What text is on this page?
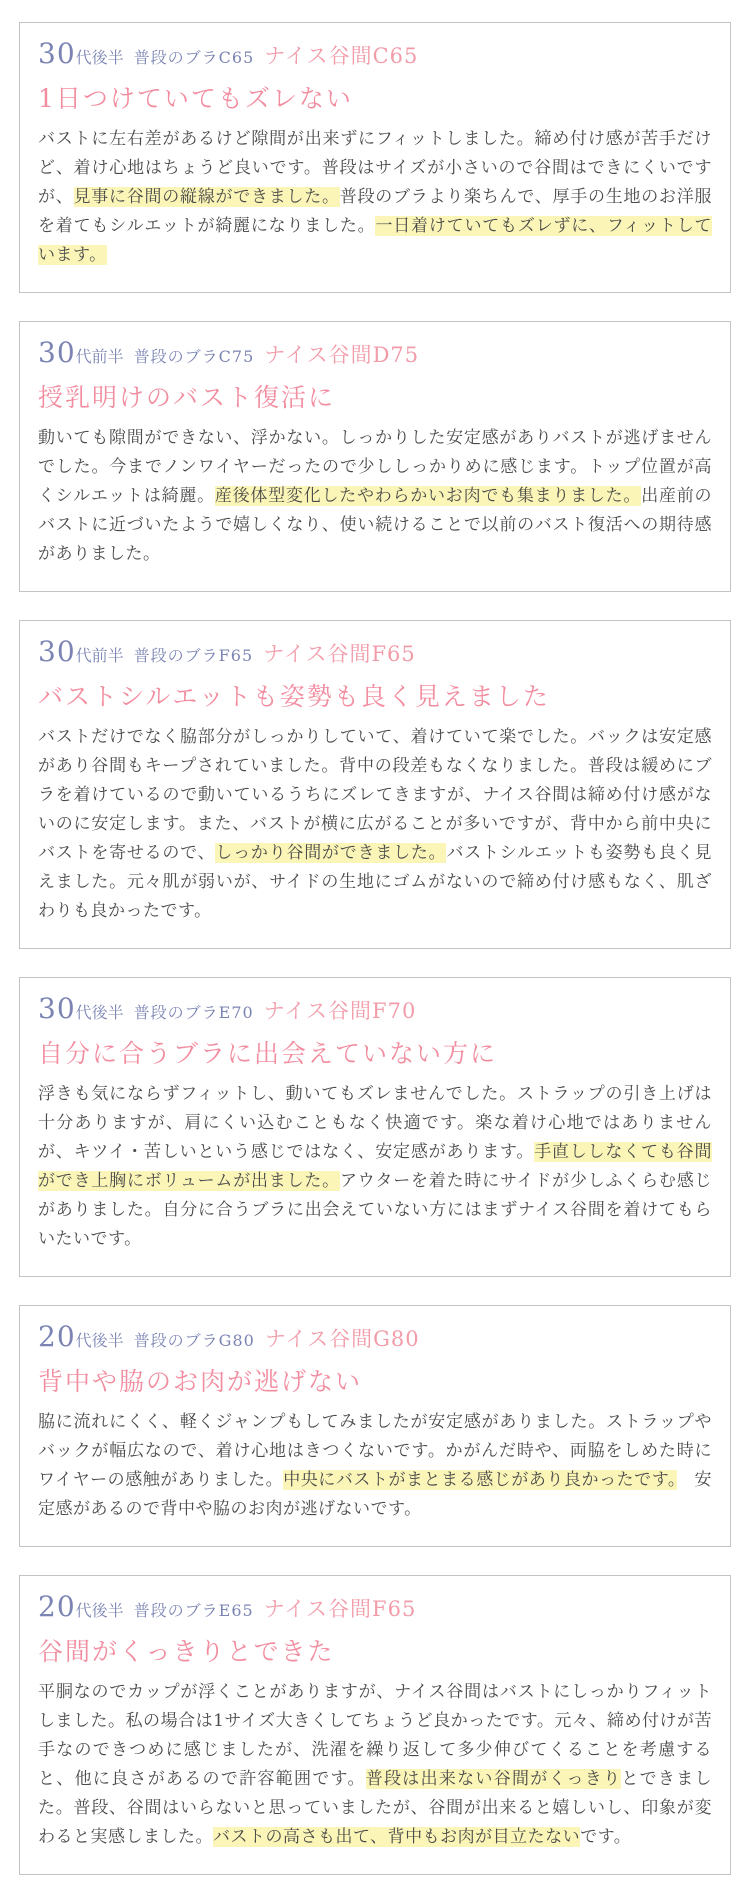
30 代後半 普段のブラC65 ナイス谷間C65
1日つけていてもズレない

バストに左右差があるけど隙間が出来ずにフィットしました。締め付け感が苦手だけど、着け心地はちょうど良いです。普段はサイズが小さいので谷間はできにくいですが、見事に谷間の縦線ができました。普段のブラより楽ちんで、厚手の生地のお洋服を着てもシルエットが綺麗になりました。一日着けていてもズレずに、フィットしています。

30 代前半 普段のブラC75 ナイス谷間D75
授乳明けのバスト復活に

動いても隙間ができない、浮かない。しっかりした安定感がありバストが逃げませんでした。今までノンワイヤーだったので少ししっかりめに感じます。トップ位置が高くシルエットは綺麗。産後体型変化したやわらかいお肉でも集まりました。出産前のバストに近づいたようで嬉しくなり、使い続けることで以前のバスト復活への期待感がありました。

30 代前半 普段のブラF65 ナイス谷間F65
バストシルエットも姿勢も良く見えました

バストだけでなく脇部分がしっかりしていて、着けていて楽でした。バックは安定感があり谷間もキープされていました。背中の段差もなくなりました。普段は緩めにブラを着けているので動いているうちにズレてきますが、ナイス谷間は締め付け感がないのに安定します。また、バストが横に広がることが多いですが、背中から前中央にバストを寄せるので、しっかり谷間ができました。バストシルエットも姿勢も良く見えました。元々肌が弱いが、サイドの生地にゴムがないので締め付け感もなく、肌ざわりも良かったです。

30 代後半 普段のブラE70 ナイス谷間F70
自分に合うブラに出会えていない方に

浮きも気にならずフィットし、動いてもズレませんでした。ストラップの引き上げは十分ありますが、肩にくい込むこともなく快適です。楽な着け心地ではありませんが、キツイ・苦しいという感じではなく、安定感があります。手直ししなくても谷間ができ上胸にボリュームが出ました。アウターを着た時にサイドが少しふくらむ感じがありました。自分に合うブラに出会えていない方にはまずナイス谷間を着けてもらいたいです。

20 代後半 普段のブラG80 ナイス谷間G80
背中や脇のお肉が逃げない

脇に流れにくく、軽くジャンプもしてみましたが安定感がありました。ストラップやバックが幅広なので、着け心地はきつくないです。かがんだ時や、両脇をしめた時にワイヤーの感触がありました。中央にバストがまとまる感じがあり良かったです。　安定感があるので背中や脇のお肉が逃げないです。

20 代後半 普段のブラE65 ナイス谷間F65
谷間がくっきりとできた

平胴なのでカップが浮くことがありますが、ナイス谷間はバストにしっかりフィットしました。私の場合は1サイズ大きくしてちょうど良かったです。元々、締め付けが苦手なのできつめに感じましたが、洗濯を繰り返して多少伸びてくることを考慮すると、他に良さがあるので許容範囲です。普段は出来ない谷間がくっきりとできました。普段、谷間はいらないと思っていましたが、谷間が出来ると嬉しいし、印象が変わると実感しました。バストの高さも出て、背中もお肉が目立たないです。
